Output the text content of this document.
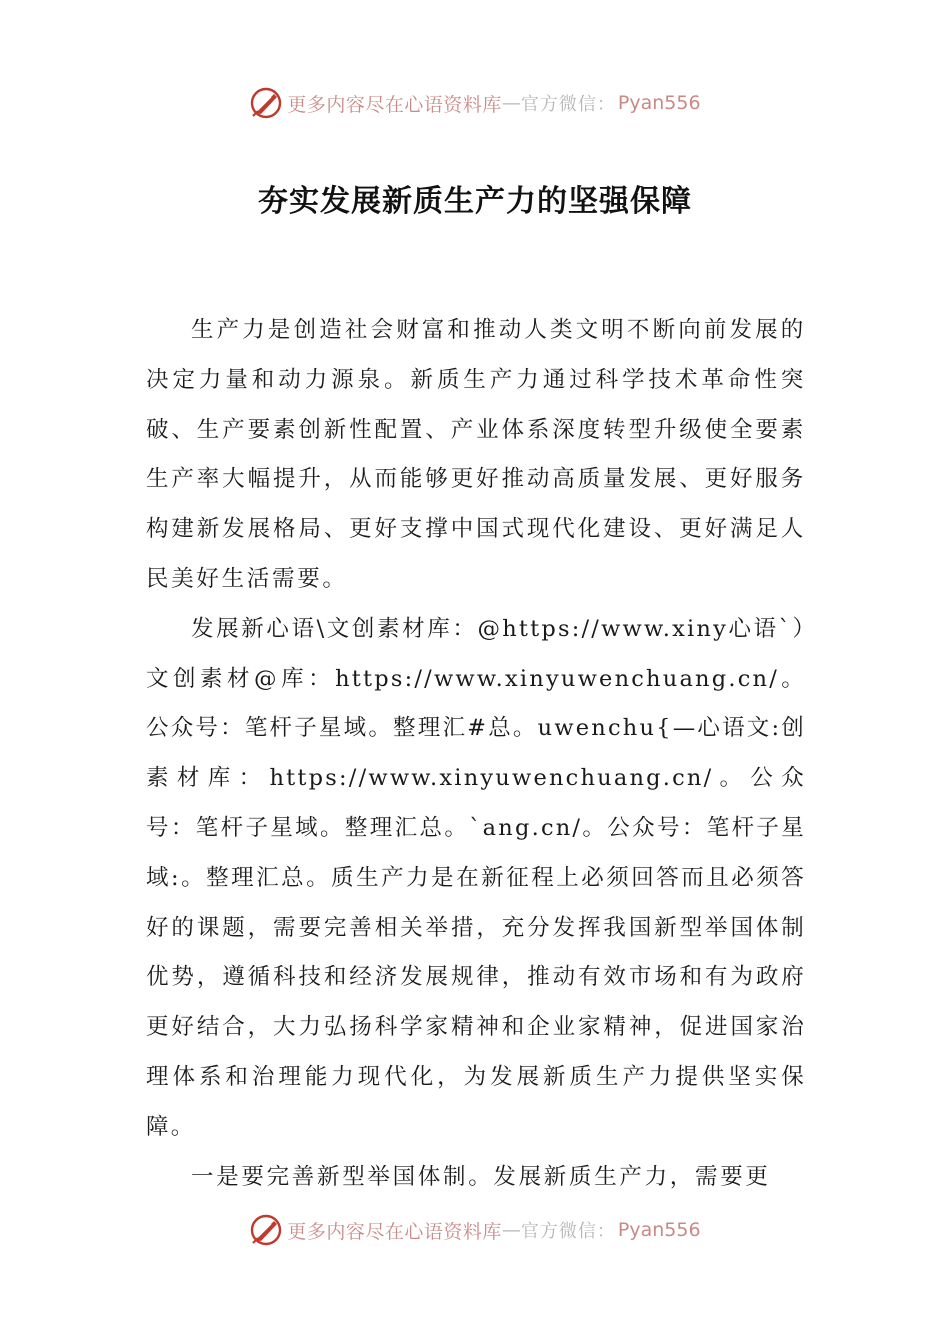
更多内容尽在心语资料库 — 官方微信： Pyan556
夯实发展新质生产力的坚强保障

生产力是创造社会财富和推动人类文明不断向前发展的决定力量和动力源泉。新质生产力通过科学技术革命性突破、生产要素创新性配置、产业体系深度转型升级使全要素生产率大幅提升，从而能够更好推动高质量发展、更好服务构建新发展格局、更好支撑中国式现代化建设、更好满足人民美好生活需要。

发展新心语\文创素材库：@https://www.xiny心语`）文创素材@库：https://www.xinyuwenchuang.cn/。公众号：笔杆子星域。整理汇#总。uwenchu{—心语文:创素材库：https://www.xinyuwenchuang.cn/。公众号：笔杆子星域。整理汇总。`ang.cn/。公众号：笔杆子星域:。整理汇总。质生产力是在新征程上必须回答而且必须答好的课题，需要完善相关举措，充分发挥我国新型举国体制优势，遵循科技和经济发展规律，推动有效市场和有为政府更好结合，大力弘扬科学家精神和企业家精神，促进国家治理体系和治理能力现代化，为发展新质生产力提供坚实保障。

一是要完善新型举国体制。发展新质生产力，需要更

更多内容尽在心语资料库 — 官方微信： Pyan556
